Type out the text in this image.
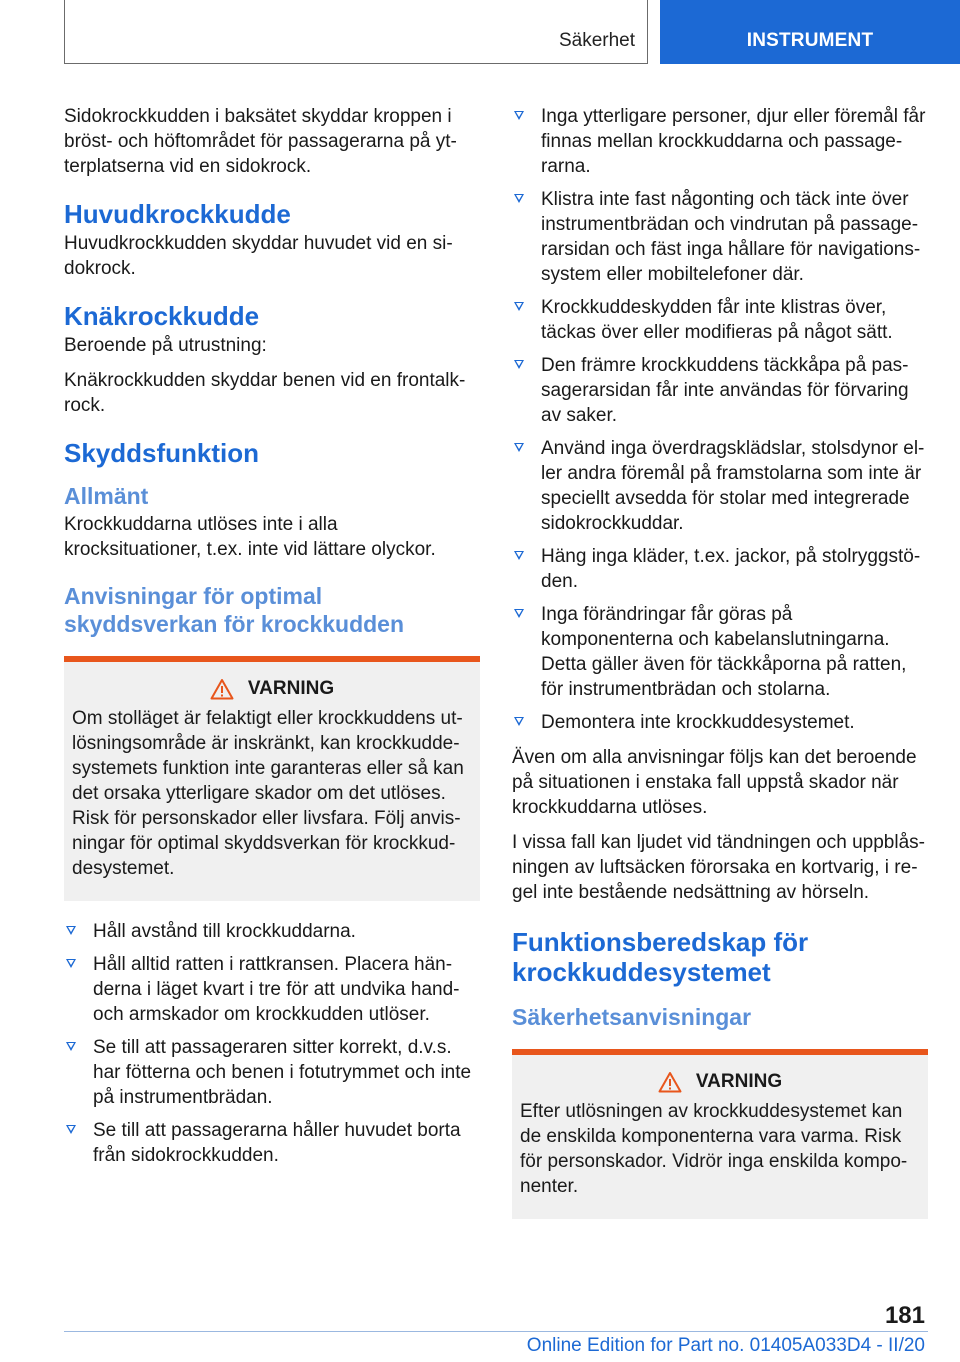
Säkerhet	INSTRUMENT

Sidokrockkudden i baksätet skyddar kroppen i bröst- och höftområdet för passagerarna på yt-terplatserna vid en sidokrock.

Huvudkrockkudde

Huvudkrockkudden skyddar huvudet vid en si-dokrock.

Knäkrockkudde

Beroende på utrustning:

Knäkrockkudden skyddar benen vid en frontalk-rock.

Skyddsfunktion
Allmänt

Krockkuddarna utlöses inte i alla krocksituationer, t.ex. inte vid lättare olyckor.

Anvisningar för optimal skyddsverkan för krockkudden
VARNING

Om stolläget är felaktigt eller krockkuddens ut-lösningsområde är inskränkt, kan krockkudde-systemets funktion inte garanteras eller så kan det orsaka ytterligare skador om det utlöses. Risk för personskador eller livsfara. Följ anvis-ningar för optimal skyddsverkan för krockkud-desystemet.

Håll avstånd till krockkuddarna.
Håll alltid ratten i rattkransen. Placera hän-derna i läget kvart i tre för att undvika hand-och armskador om krockkudden utlöser.
Se till att passageraren sitter korrekt, d.v.s. har fötterna och benen i fotutrymmet och inte på instrumentbrädan.
Se till att passagerarna håller huvudet borta från sidokrockkudden.
Inga ytterligare personer, djur eller föremål får finnas mellan krockkuddarna och passage-rarna.
Klistra inte fast någonting och täck inte över instrumentbrädan och vindrutan på passage-rarsidan och fäst inga hållare för navigations-system eller mobiltelefoner där.
Krockkuddeskydden får inte klistras över, täckas över eller modifieras på något sätt.
Den främre krockkuddens täckkåpa på pas-sagerarsidan får inte användas för förvaring av saker.
Använd inga överdragsklädslar, stolsdynor el-ler andra föremål på framstolarna som inte är speciellt avsedda för stolar med integrerade sidokrockkuddar.
Häng inga kläder, t.ex. jackor, på stolryggstö-den.
Inga förändringar får göras på komponenterna och kabelanslutningarna. Detta gäller även för täckkåporna på ratten, för instrumentbrädan och stolarna.
Demontera inte krockkuddesystemet.

Även om alla anvisningar följs kan det beroende på situationen i enstaka fall uppstå skador när krockkuddarna utlöses.

I vissa fall kan ljudet vid tändningen och uppblås-ningen av luftsäcken förorsaka en kortvarig, i re-gel inte bestående nedsättning av hörseln.

Funktionsberedskap för krockkuddesystemet
Säkerhetsanvisningar
VARNING

Efter utlösningen av krockkuddesystemet kan de enskilda komponenterna vara varma. Risk för personskador. Vidrör inga enskilda kompo-nenter.

181
Online Edition for Part no. 01405A033D4 - II/20
